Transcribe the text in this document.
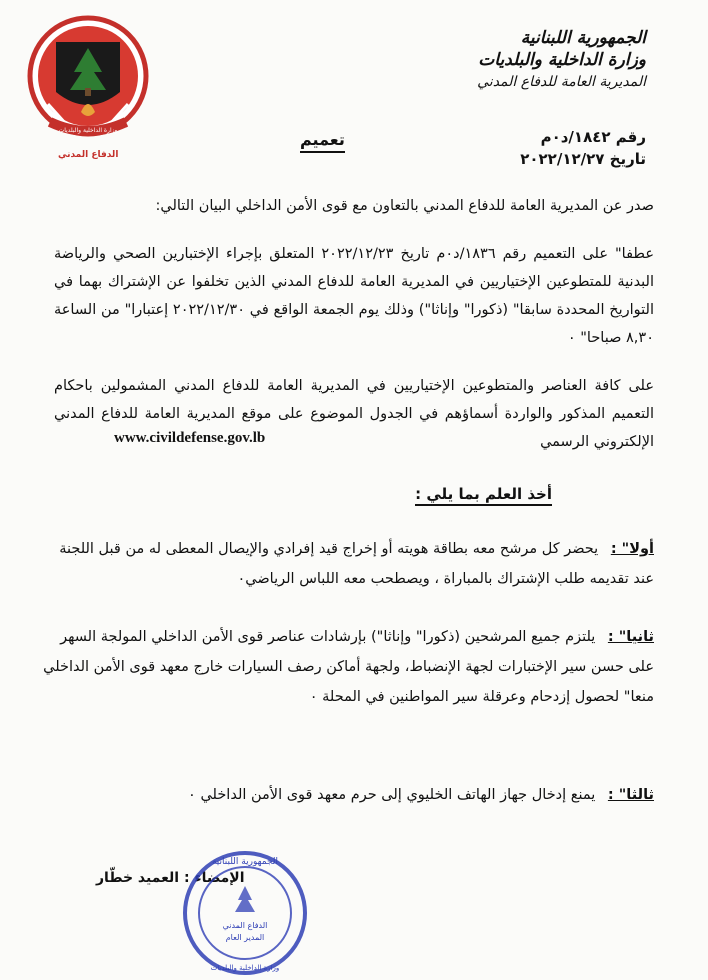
وزارة الداخلية والبلديات
الدفاع المدني
الجمهورية اللبنانية
وزارة الداخلية والبلديات
المديرية العامة للدفاع المدني
رقم ١٨٤٢/د٠م
تاريخ ٢٠٢٢/١٢/٢٧
تعميم
صدر عن المديرية العامة للدفاع المدني بالتعاون مع قوى الأمن الداخلي البيان التالي:
عطفا" على التعميم رقم ١٨٣٦/د٠م تاريخ ٢٠٢٢/١٢/٢٣ المتعلق بإجراء الإختبارين الصحي والرياضة البدنية للمتطوعين الإختياريين في المديرية العامة للدفاع المدني الذين تخلفوا عن الإشتراك بهما في التواريخ المحددة سابقا" (ذكورا" وإناثا") وذلك يوم الجمعة الواقع في ٢٠٢٢/١٢/٣٠ إعتبارا" من الساعة ٨,٣٠ صباحا" ٠
على كافة العناصر والمتطوعين الإختياريين في المديرية العامة للدفاع المدني المشمولين باحكام التعميم المذكور والواردة أسماؤهم في الجدول الموضوع على موقع المديرية العامة للدفاع المدني الإلكتروني الرسمي
www.civildefense.gov.lb
أخذ العلم بما يلي :
أولا" : يحضر كل مرشح معه بطاقة هويته أو إخراج قيد إفرادي والإيصال المعطى له من قبل اللجنة عند تقديمه طلب الإشتراك بالمباراة ، ويصطحب معه اللباس الرياضي٠
ثانيا" : يلتزم جميع المرشحين (ذكورا" وإناثا") بإرشادات عناصر قوى الأمن الداخلي المولجة السهر على حسن سير الإختبارات لجهة الإنضباط، ولجهة أماكن رصف السيارات خارج معهد قوى الأمن الداخلي منعا" لحصول إزدحام وعرقلة سير المواطنين في المحلة ٠
ثالثا" : يمنع إدخال جهاز الهاتف الخليوي إلى حرم معهد قوى الأمن الداخلي ٠
الإمضاء : العميد خطّار
الجمهورية اللبنانية
الدفاع المدني
المدير العام
وزارة الداخلية والبلديات
